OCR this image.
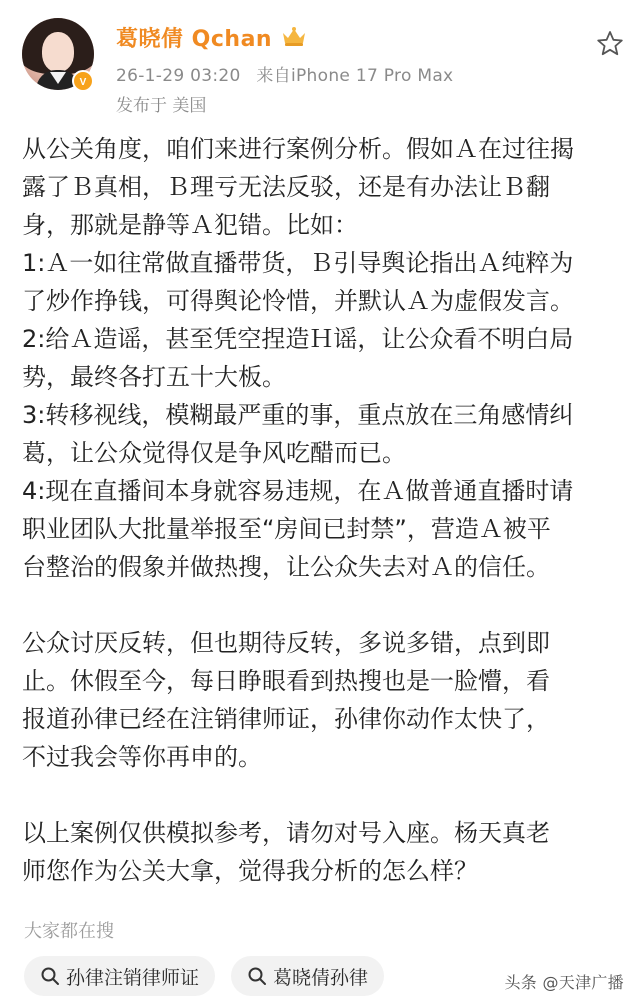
V
葛晓倩 Qchan
26-1-29 03:20 来自iPhone 17 Pro Max
发布于 美国
从公关角度，咱们来进行案例分析。假如Ａ在过往揭
露了Ｂ真相，Ｂ理亏无法反驳，还是有办法让Ｂ翻
身，那就是静等Ａ犯错。比如：
1:Ａ一如往常做直播带货，Ｂ引导舆论指出Ａ纯粹为
了炒作挣钱，可得舆论怜惜，并默认Ａ为虚假发言。
2:给Ａ造谣，甚至凭空捏造Ｈ谣，让公众看不明白局
势，最终各打五十大板。
3:转移视线，模糊最严重的事，重点放在三角感情纠
葛，让公众觉得仅是争风吃醋而已。
4:现在直播间本身就容易违规，在Ａ做普通直播时请
职业团队大批量举报至“房间已封禁”，营造Ａ被平
台整治的假象并做热搜，让公众失去对Ａ的信任。
公众讨厌反转，但也期待反转，多说多错，点到即
止。休假至今，每日睁眼看到热搜也是一脸懵，看
报道孙律已经在注销律师证，孙律你动作太快了，
不过我会等你再申的。
以上案例仅供模拟参考，请勿对号入座。杨天真老
师您作为公关大拿，觉得我分析的怎么样？
大家都在搜
孙律注销律师证	葛晓倩孙律	头条 @天津广播
